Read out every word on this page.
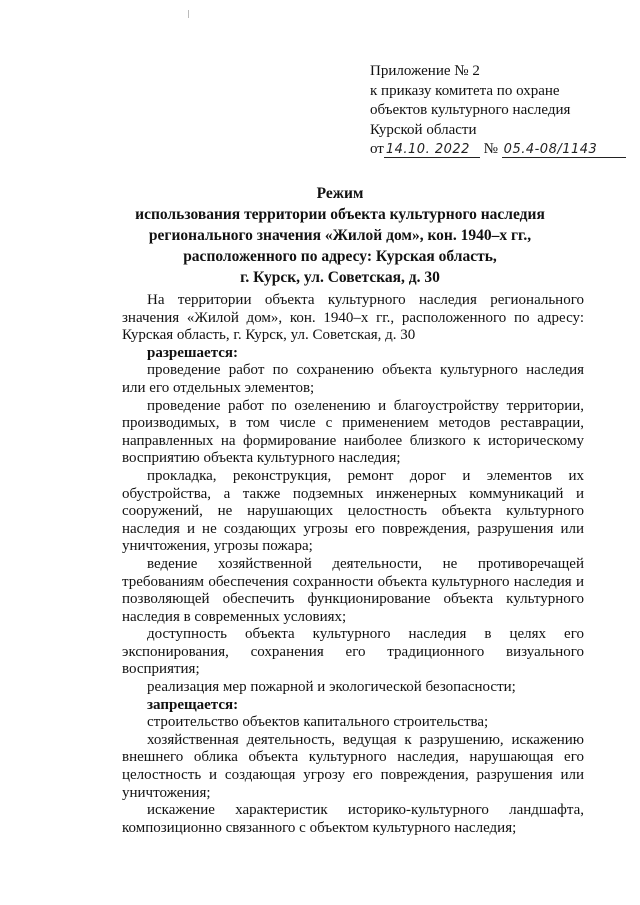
Приложение № 2
к приказу комитета по охране
объектов культурного наследия
Курской области
от 14.10. 2022 № 05.4-08/1143
Режим
использования территории объекта культурного наследия
регионального значения «Жилой дом», кон. 1940–х гг.,
расположенного по адресу: Курская область,
г. Курск, ул. Советская, д. 30

На территории объекта культурного наследия регионального значения «Жилой дом», кон. 1940–х гг., расположенного по адресу: Курская область, г. Курск, ул. Советская, д. 30

разрешается:

проведение работ по сохранению объекта культурного наследия или его отдельных элементов;

проведение работ по озеленению и благоустройству территории, производимых, в том числе с применением методов реставрации, направленных на формирование наиболее близкого к историческому восприятию объекта культурного наследия;

прокладка, реконструкция, ремонт дорог и элементов их обустройства, а также подземных инженерных коммуникаций и сооружений, не нарушающих целостность объекта культурного наследия и не создающих угрозы его повреждения, разрушения или уничтожения, угрозы пожара;

ведение хозяйственной деятельности, не противоречащей требованиям обеспечения сохранности объекта культурного наследия и позволяющей обеспечить функционирование объекта культурного наследия в современных условиях;

доступность объекта культурного наследия в целях его экспонирования, сохранения его традиционного визуального восприятия;

реализация мер пожарной и экологической безопасности;

запрещается:

строительство объектов капитального строительства;

хозяйственная деятельность, ведущая к разрушению, искажению внешнего облика объекта культурного наследия, нарушающая его целостность и создающая угрозу его повреждения, разрушения или уничтожения;

искажение характеристик историко-культурного ландшафта, композиционно связанного с объектом культурного наследия;
